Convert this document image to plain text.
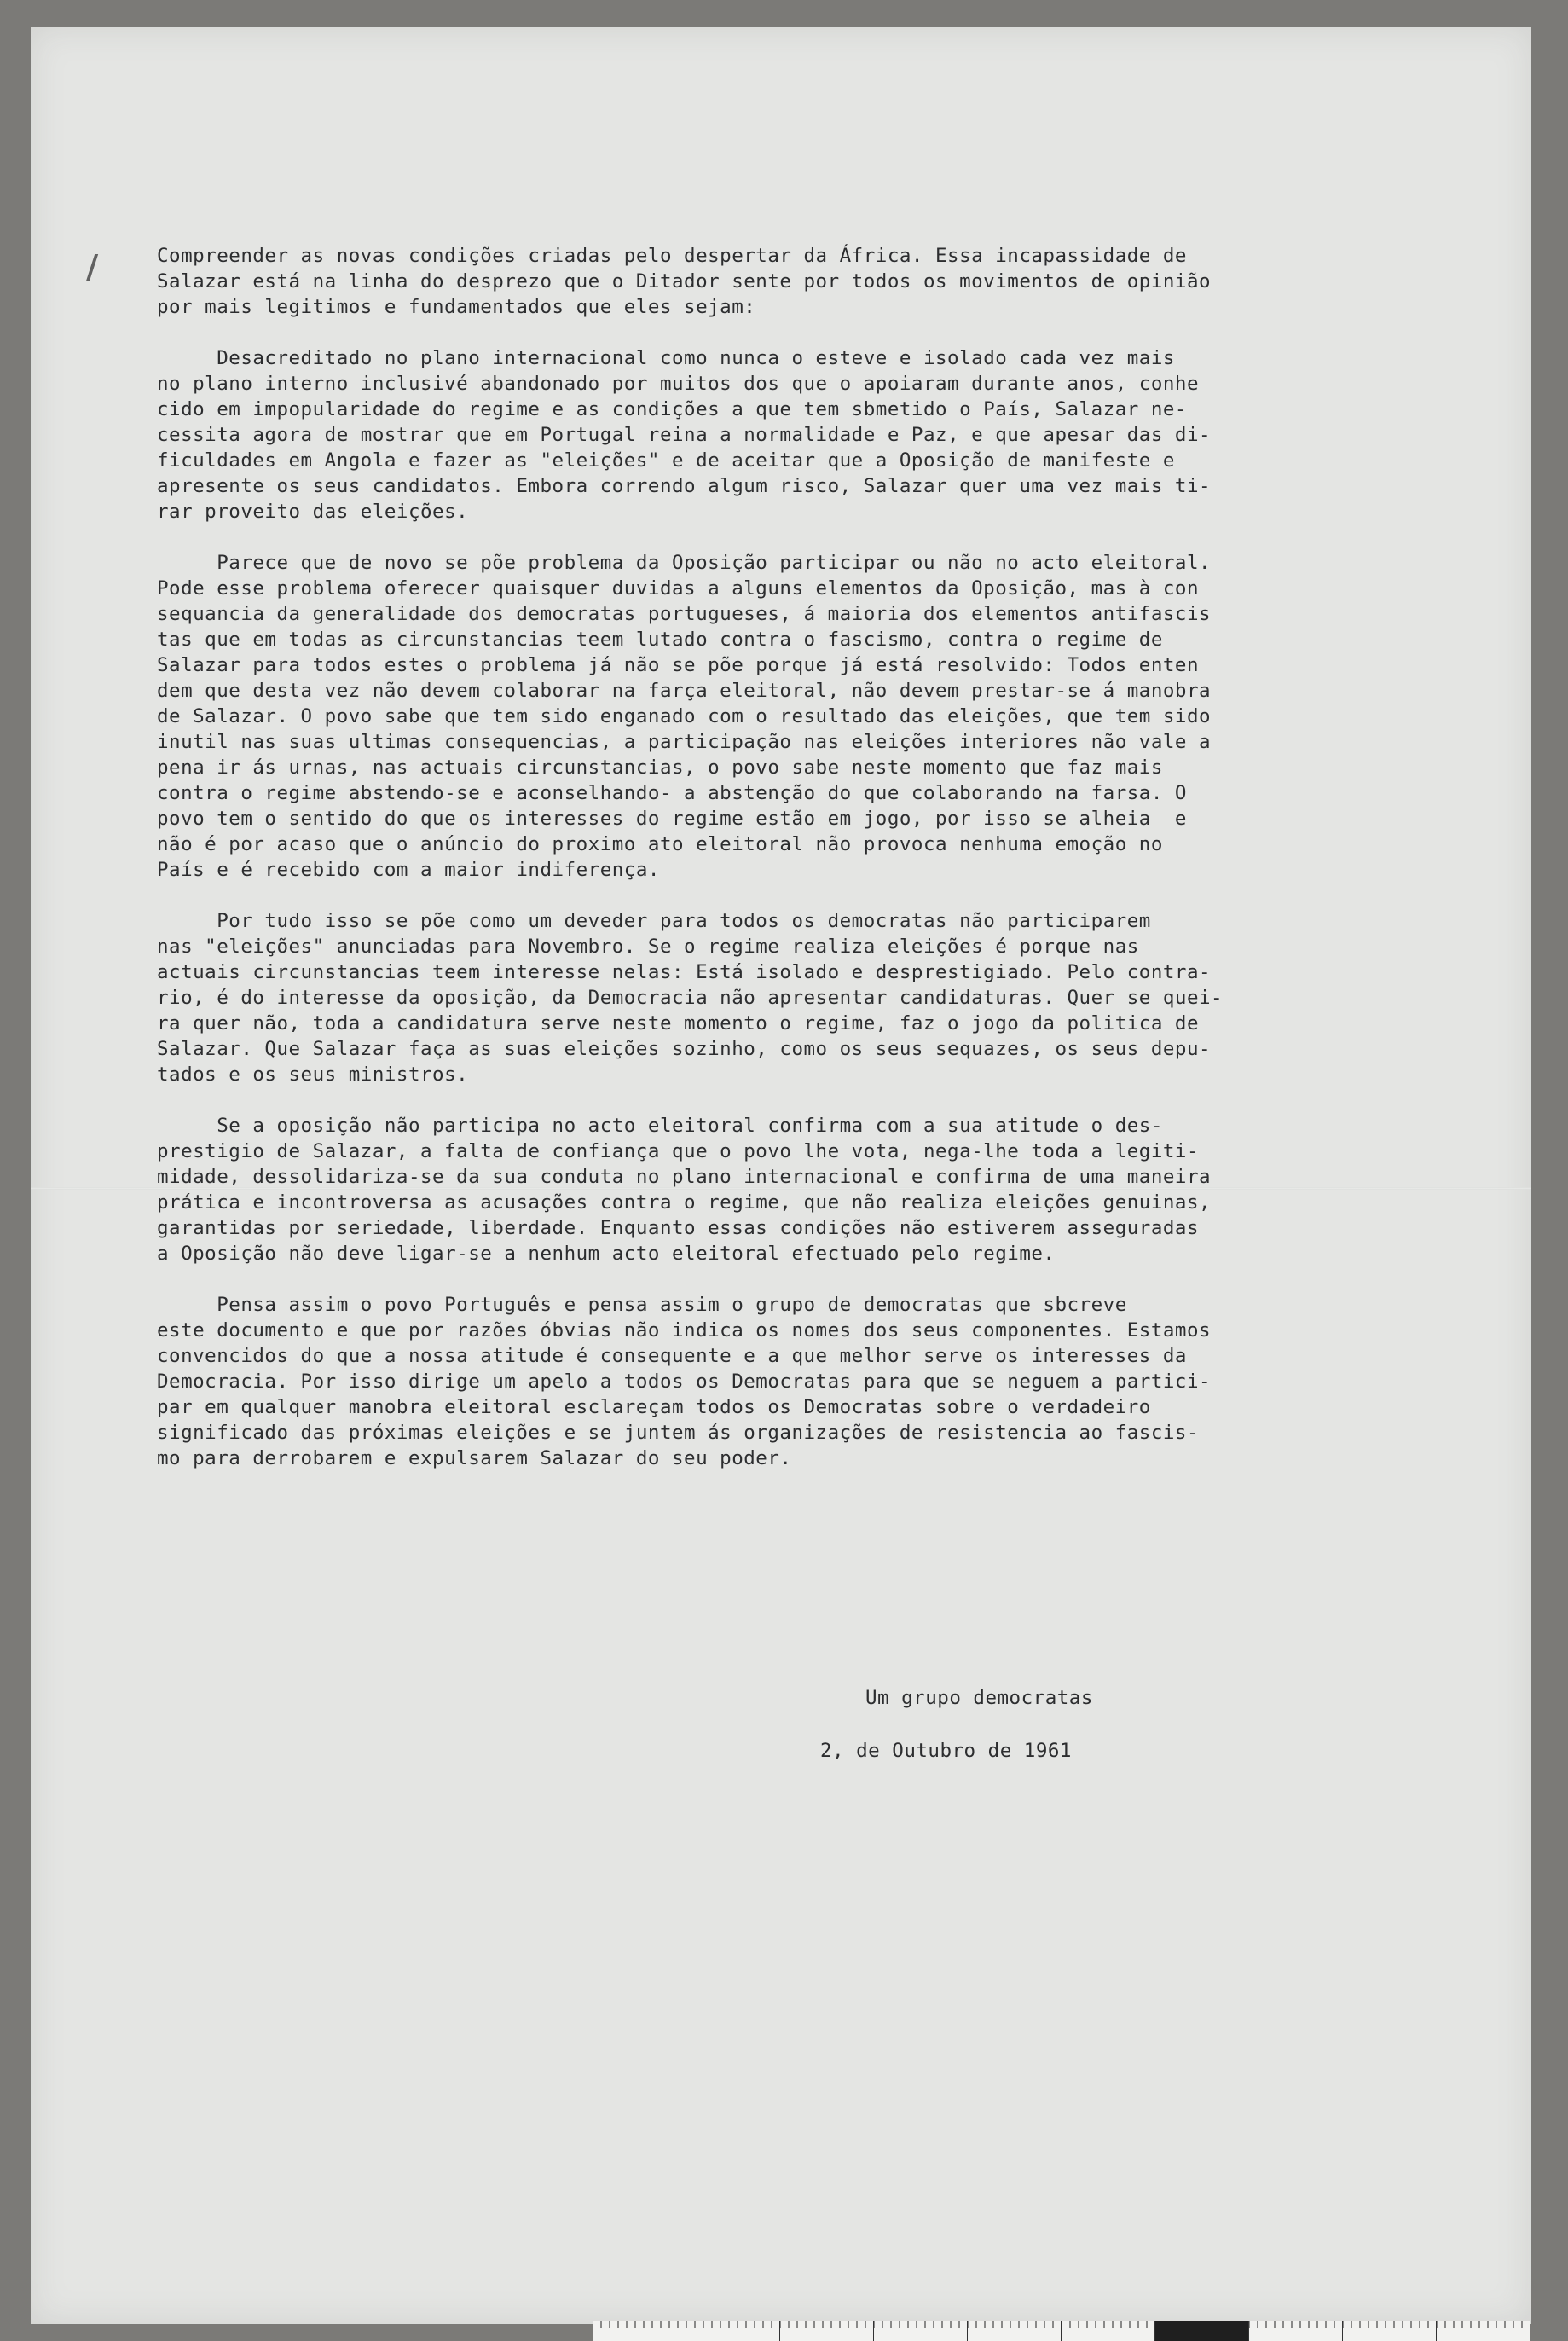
Compreender as novas condições criadas pelo despertar da África. Essa incapassidade de

Salazar está na linha do desprezo que o Ditador sente por todos os movimentos de opinião

por mais legitimos e fundamentados que eles sejam:

Desacreditado no plano internacional como nunca o esteve e isolado cada vez mais

no plano interno inclusivé abandonado por muitos dos que o apoiaram durante anos, conhe

cido em impopularidade do regime e as condições a que tem sbmetido o País, Salazar ne-

cessita agora de mostrar que em Portugal reina a normalidade e Paz, e que apesar das di-

ficuldades em Angola e fazer as "eleições" e de aceitar que a Oposição de manifeste e

apresente os seus candidatos. Embora correndo algum risco, Salazar quer uma vez mais ti-

rar proveito das eleições.

Parece que de novo se põe problema da Oposição participar ou não no acto eleitoral.

Pode esse problema oferecer quaisquer duvidas a alguns elementos da Oposição, mas à con

sequancia da generalidade dos democratas portugueses, á maioria dos elementos antifascis

tas que em todas as circunstancias teem lutado contra o fascismo, contra o regime de

Salazar para todos estes o problema já não se põe porque já está resolvido: Todos enten

dem que desta vez não devem colaborar na farça eleitoral, não devem prestar-se á manobra

de Salazar. O povo sabe que tem sido enganado com o resultado das eleições, que tem sido

inutil nas suas ultimas consequencias, a participação nas eleições interiores não vale a

pena ir ás urnas, nas actuais circunstancias, o povo sabe neste momento que faz mais

contra o regime abstendo-se e aconselhando- a abstenção do que colaborando na farsa. O

povo tem o sentido do que os interesses do regime estão em jogo, por isso se alheia  e

não é por acaso que o anúncio do proximo ato eleitoral não provoca nenhuma emoção no

País e é recebido com a maior indiferença.

Por tudo isso se põe como um deveder para todos os democratas não participarem

nas "eleições" anunciadas para Novembro. Se o regime realiza eleições é porque nas

actuais circunstancias teem interesse nelas: Está isolado e desprestigiado. Pelo contra-

rio, é do interesse da oposição, da Democracia não apresentar candidaturas. Quer se quei-

ra quer não, toda a candidatura serve neste momento o regime, faz o jogo da politica de

Salazar. Que Salazar faça as suas eleições sozinho, como os seus sequazes, os seus depu-

tados e os seus ministros.

Se a oposição não participa no acto eleitoral confirma com a sua atitude o des-

prestigio de Salazar, a falta de confiança que o povo lhe vota, nega-lhe toda a legiti-

midade, dessolidariza-se da sua conduta no plano internacional e confirma de uma maneira

prática e incontroversa as acusações contra o regime, que não realiza eleições genuinas,

garantidas por seriedade, liberdade. Enquanto essas condições não estiverem asseguradas

a Oposição não deve ligar-se a nenhum acto eleitoral efectuado pelo regime.

Pensa assim o povo Português e pensa assim o grupo de democratas que sbcreve

este documento e que por razões óbvias não indica os nomes dos seus componentes. Estamos

convencidos do que a nossa atitude é consequente e a que melhor serve os interesses da

Democracia. Por isso dirige um apelo a todos os Democratas para que se neguem a partici-

par em qualquer manobra eleitoral esclareçam todos os Democratas sobre o verdadeiro

significado das próximas eleições e se juntem ás organizações de resistencia ao fascis-

mo para derrobarem e expulsarem Salazar do seu poder.

Um grupo democratas
2, de Outubro de 1961
